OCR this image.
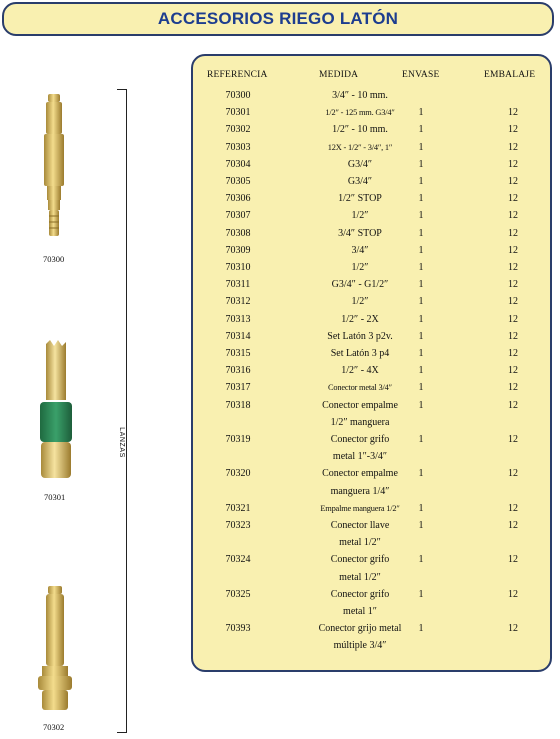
ACCESORIOS RIEGO LATÓN
70300
70301
70302
LANZAS
REFERENCIA	MEDIDA	ENVASE	EMBALAJE
70300	3/4″ - 10 mm.
70301	1/2″ - 125 mm. G3/4″	1	12
70302	1/2″ - 10 mm.	1	12
70303	12X - 1/2″ - 3/4″, 1″	1	12
70304	G3/4″	1	12
70305	G3/4″	1	12
70306	1/2″ STOP	1	12
70307	1/2″	1	12
70308	3/4″ STOP	1	12
70309	3/4″	1	12
70310	1/2″	1	12
70311	G3/4″ - G1/2″	1	12
70312	1/2″	1	12
70313	1/2″ - 2X	1	12
70314	Set Latón 3 p2v.	1	12
70315	Set Latón 3 p4	1	12
70316	1/2″ - 4X	1	12
70317	Conector metal 3/4″	1	12
70318	Conector empalme
1/2″ manguera
1	12
70319	Conector grifo
metal 1″-3/4″
1	12
70320	Conector empalme
manguera 1/4″
1	12
70321	Empalme manguera 1/2″	1	12
70323	Conector llave
metal 1/2″
1	12
70324	Conector grifo
metal 1/2″
1	12
70325	Conector grifo
metal 1″
1	12
70393	Conector grijo metal
múltiple 3/4″
1	12
